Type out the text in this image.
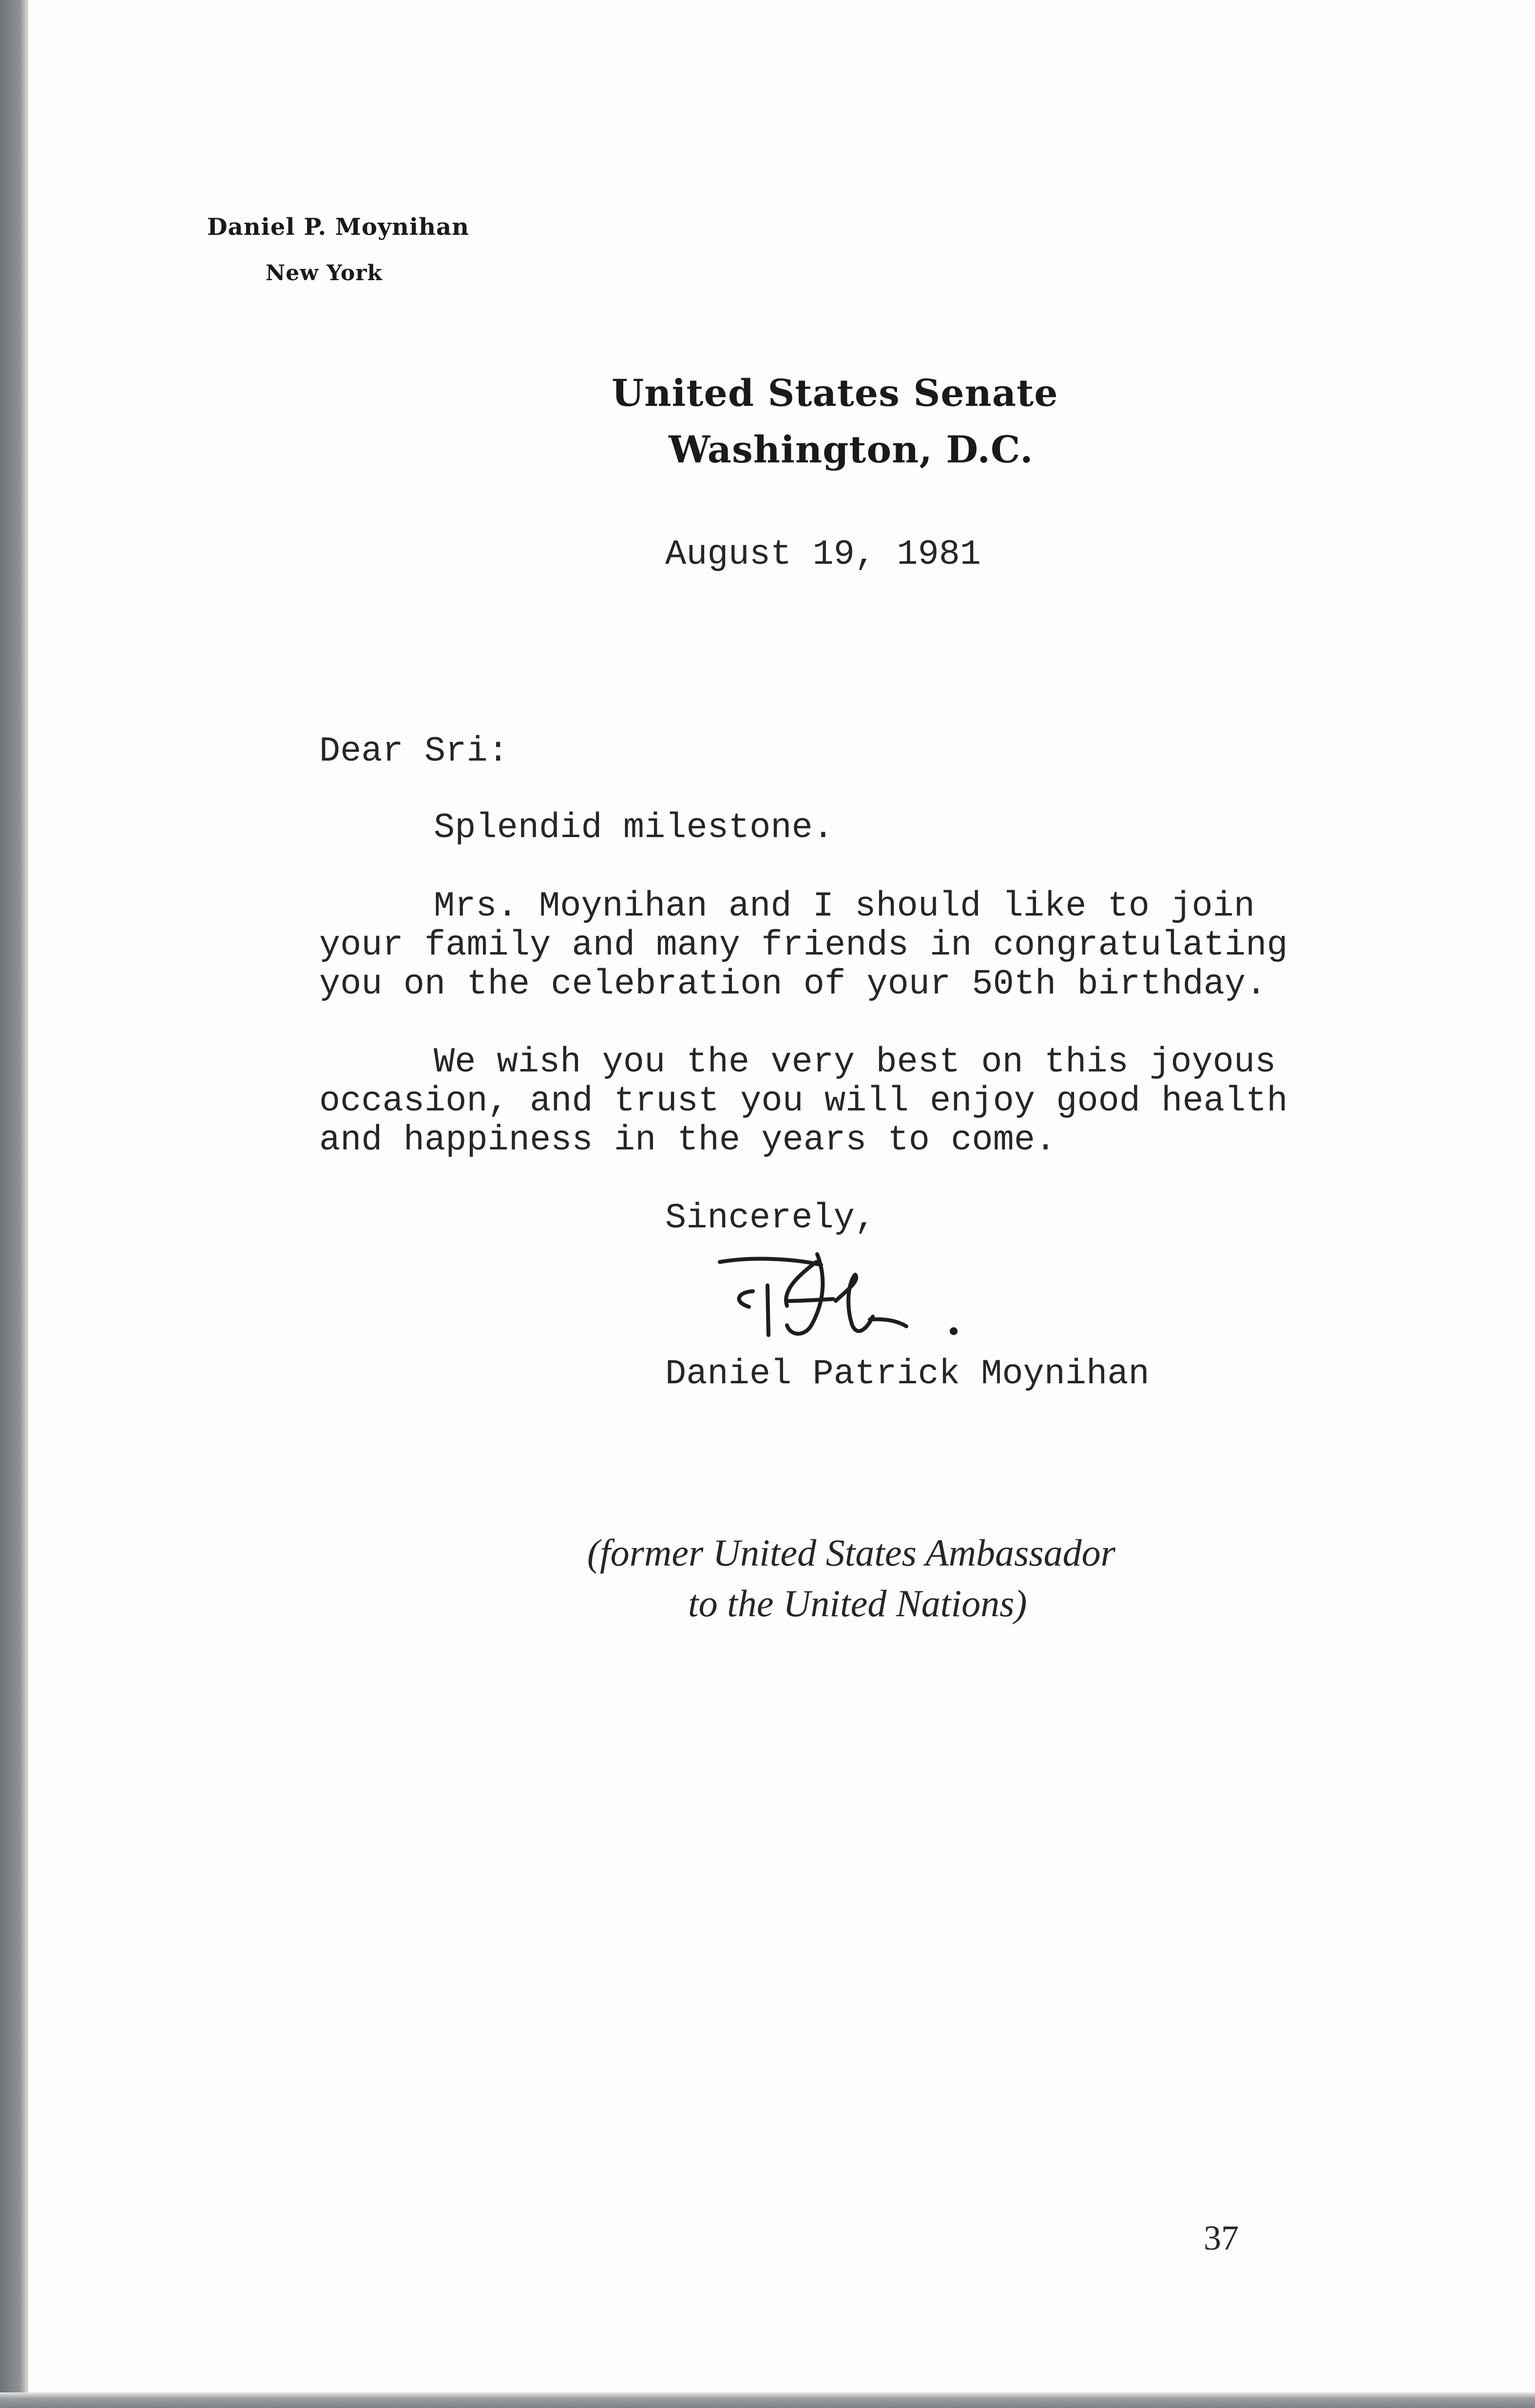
Daniel P. Moynihan
New York
United States Senate
Washington, D.C.
August 19, 1981
Dear Sri:
Splendid milestone.
Mrs. Moynihan and I should like to join
your family and many friends in congratulating
you on the celebration of your 50th birthday.
We wish you the very best on this joyous
occasion, and trust you will enjoy good health
and happiness in the years to come.
Sincerely,
Daniel Patrick Moynihan
(former United States Ambassador
to the United Nations)
37
